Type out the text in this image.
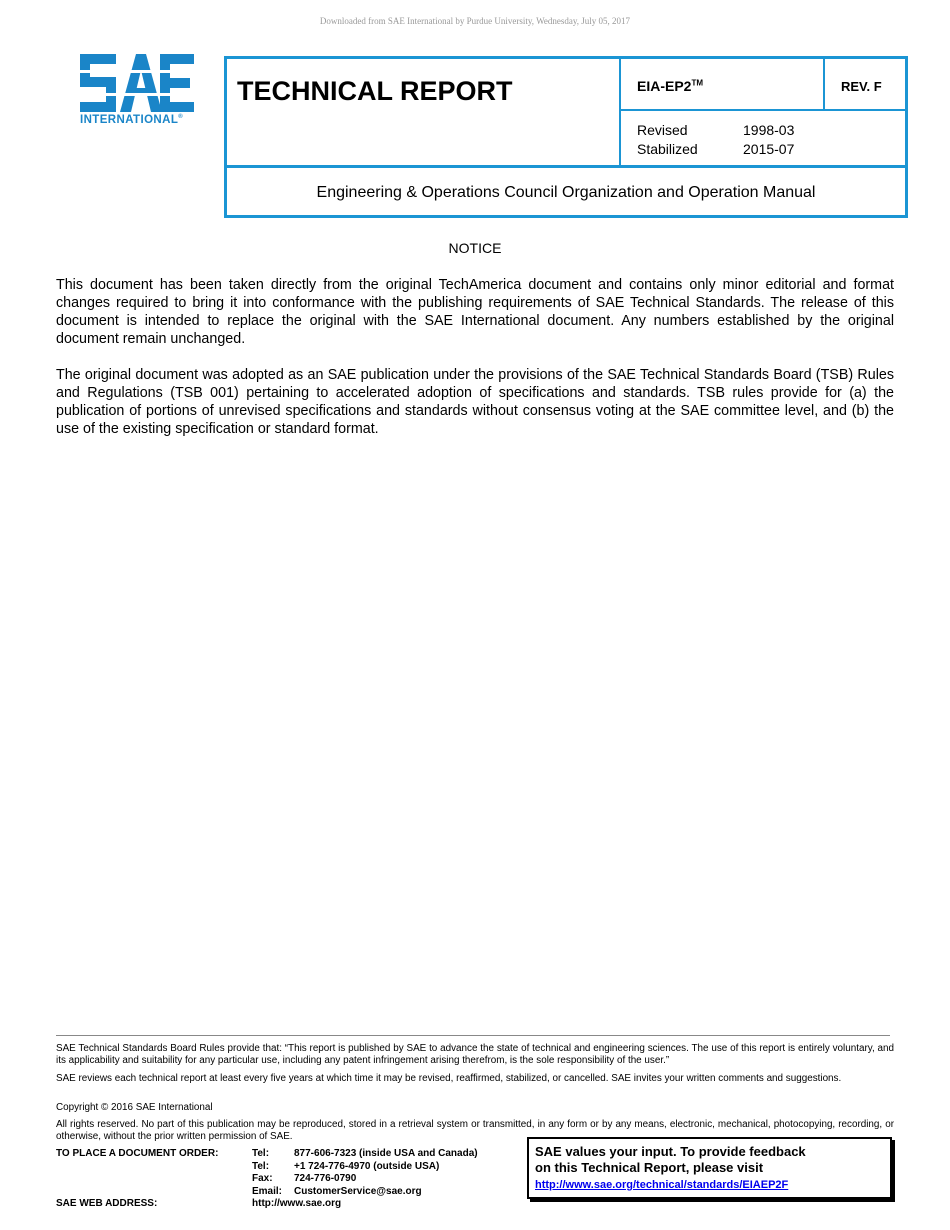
Downloaded from SAE International by Purdue University, Wednesday, July 05, 2017
INTERNATIONAL®
TECHNICAL REPORT	EIA-EP2™	REV. F
Revised	1998-03
Stabilized	2015-07
Engineering & Operations Council Organization and Operation Manual
NOTICE
This document has been taken directly from the original TechAmerica document and contains only minor editorial and format changes required to bring it into conformance with the publishing requirements of SAE Technical Standards. The release of this document is intended to replace the original with the SAE International document. Any numbers established by the original document remain unchanged.
The original document was adopted as an SAE publication under the provisions of the SAE Technical Standards Board (TSB) Rules and Regulations (TSB 001) pertaining to accelerated adoption of specifications and standards. TSB rules provide for (a) the publication of portions of unrevised specifications and standards without consensus voting at the SAE committee level, and (b) the use of the existing specification or standard format.
SAE Technical Standards Board Rules provide that: “This report is published by SAE to advance the state of technical and engineering sciences. The use of this report is entirely voluntary, and its applicability and suitability for any particular use, including any patent infringement arising therefrom, is the sole responsibility of the user.”
SAE reviews each technical report at least every five years at which time it may be revised, reaffirmed, stabilized, or cancelled. SAE invites your written comments and suggestions.
Copyright © 2016 SAE International
All rights reserved. No part of this publication may be reproduced, stored in a retrieval system or transmitted, in any form or by any means, electronic, mechanical, photocopying, recording, or otherwise, without the prior written permission of SAE.
TO PLACE A DOCUMENT ORDER:	Tel: 877-606-7323 (inside USA and Canada)
Tel: +1 724-776-4970 (outside USA)
Fax: 724-776-0790
Email: CustomerService@sae.org
SAE WEB ADDRESS:	http://www.sae.org
SAE values your input. To provide feedback
on this Technical Report, please visit
http://www.sae.org/technical/standards/EIAEP2F
